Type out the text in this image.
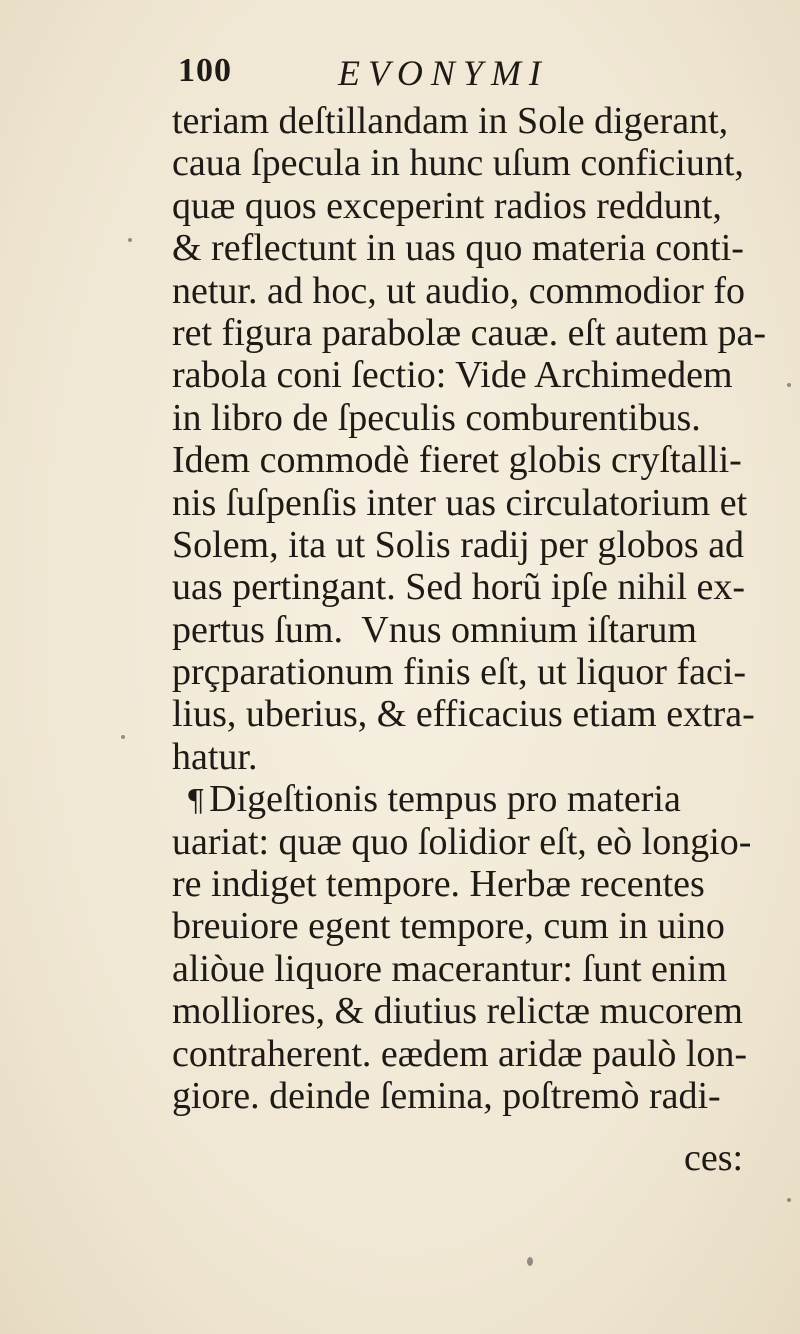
100	EVONYMI
teriam deſtillandam in Sole digerant,
caua ſpecula in hunc uſum conficiunt,
quæ quos exceperint radios reddunt,
& reflectunt in uas quo materia conti-
netur. ad hoc, ut audio, commodior fo
ret figura parabolæ cauæ. eſt autem pa-
rabola coni ſectio: Vide Archimedem
in libro de ſpeculis comburentibus.
Idem commodè fieret globis cryſtalli-
nis ſuſpenſis inter uas circulatorium et
Solem, ita ut Solis radij per globos ad
uas pertingant. Sed horũ ipſe nihil ex-
pertus ſum.  Vnus omnium iſtarum
prçparationum finis eſt, ut liquor faci-
lius, uberius, & efficacius etiam extra-
hatur.
¶ Digeſtionis tempus pro materia
uariat: quæ quo ſolidior eſt, eò longio-
re indiget tempore. Herbæ recentes
breuiore egent tempore, cum in uino
aliòue liquore macerantur: ſunt enim
molliores, & diutius relictæ mucorem
contraherent. eædem aridæ paulò lon-
giore. deinde ſemina, poſtremò radi-
ces:
